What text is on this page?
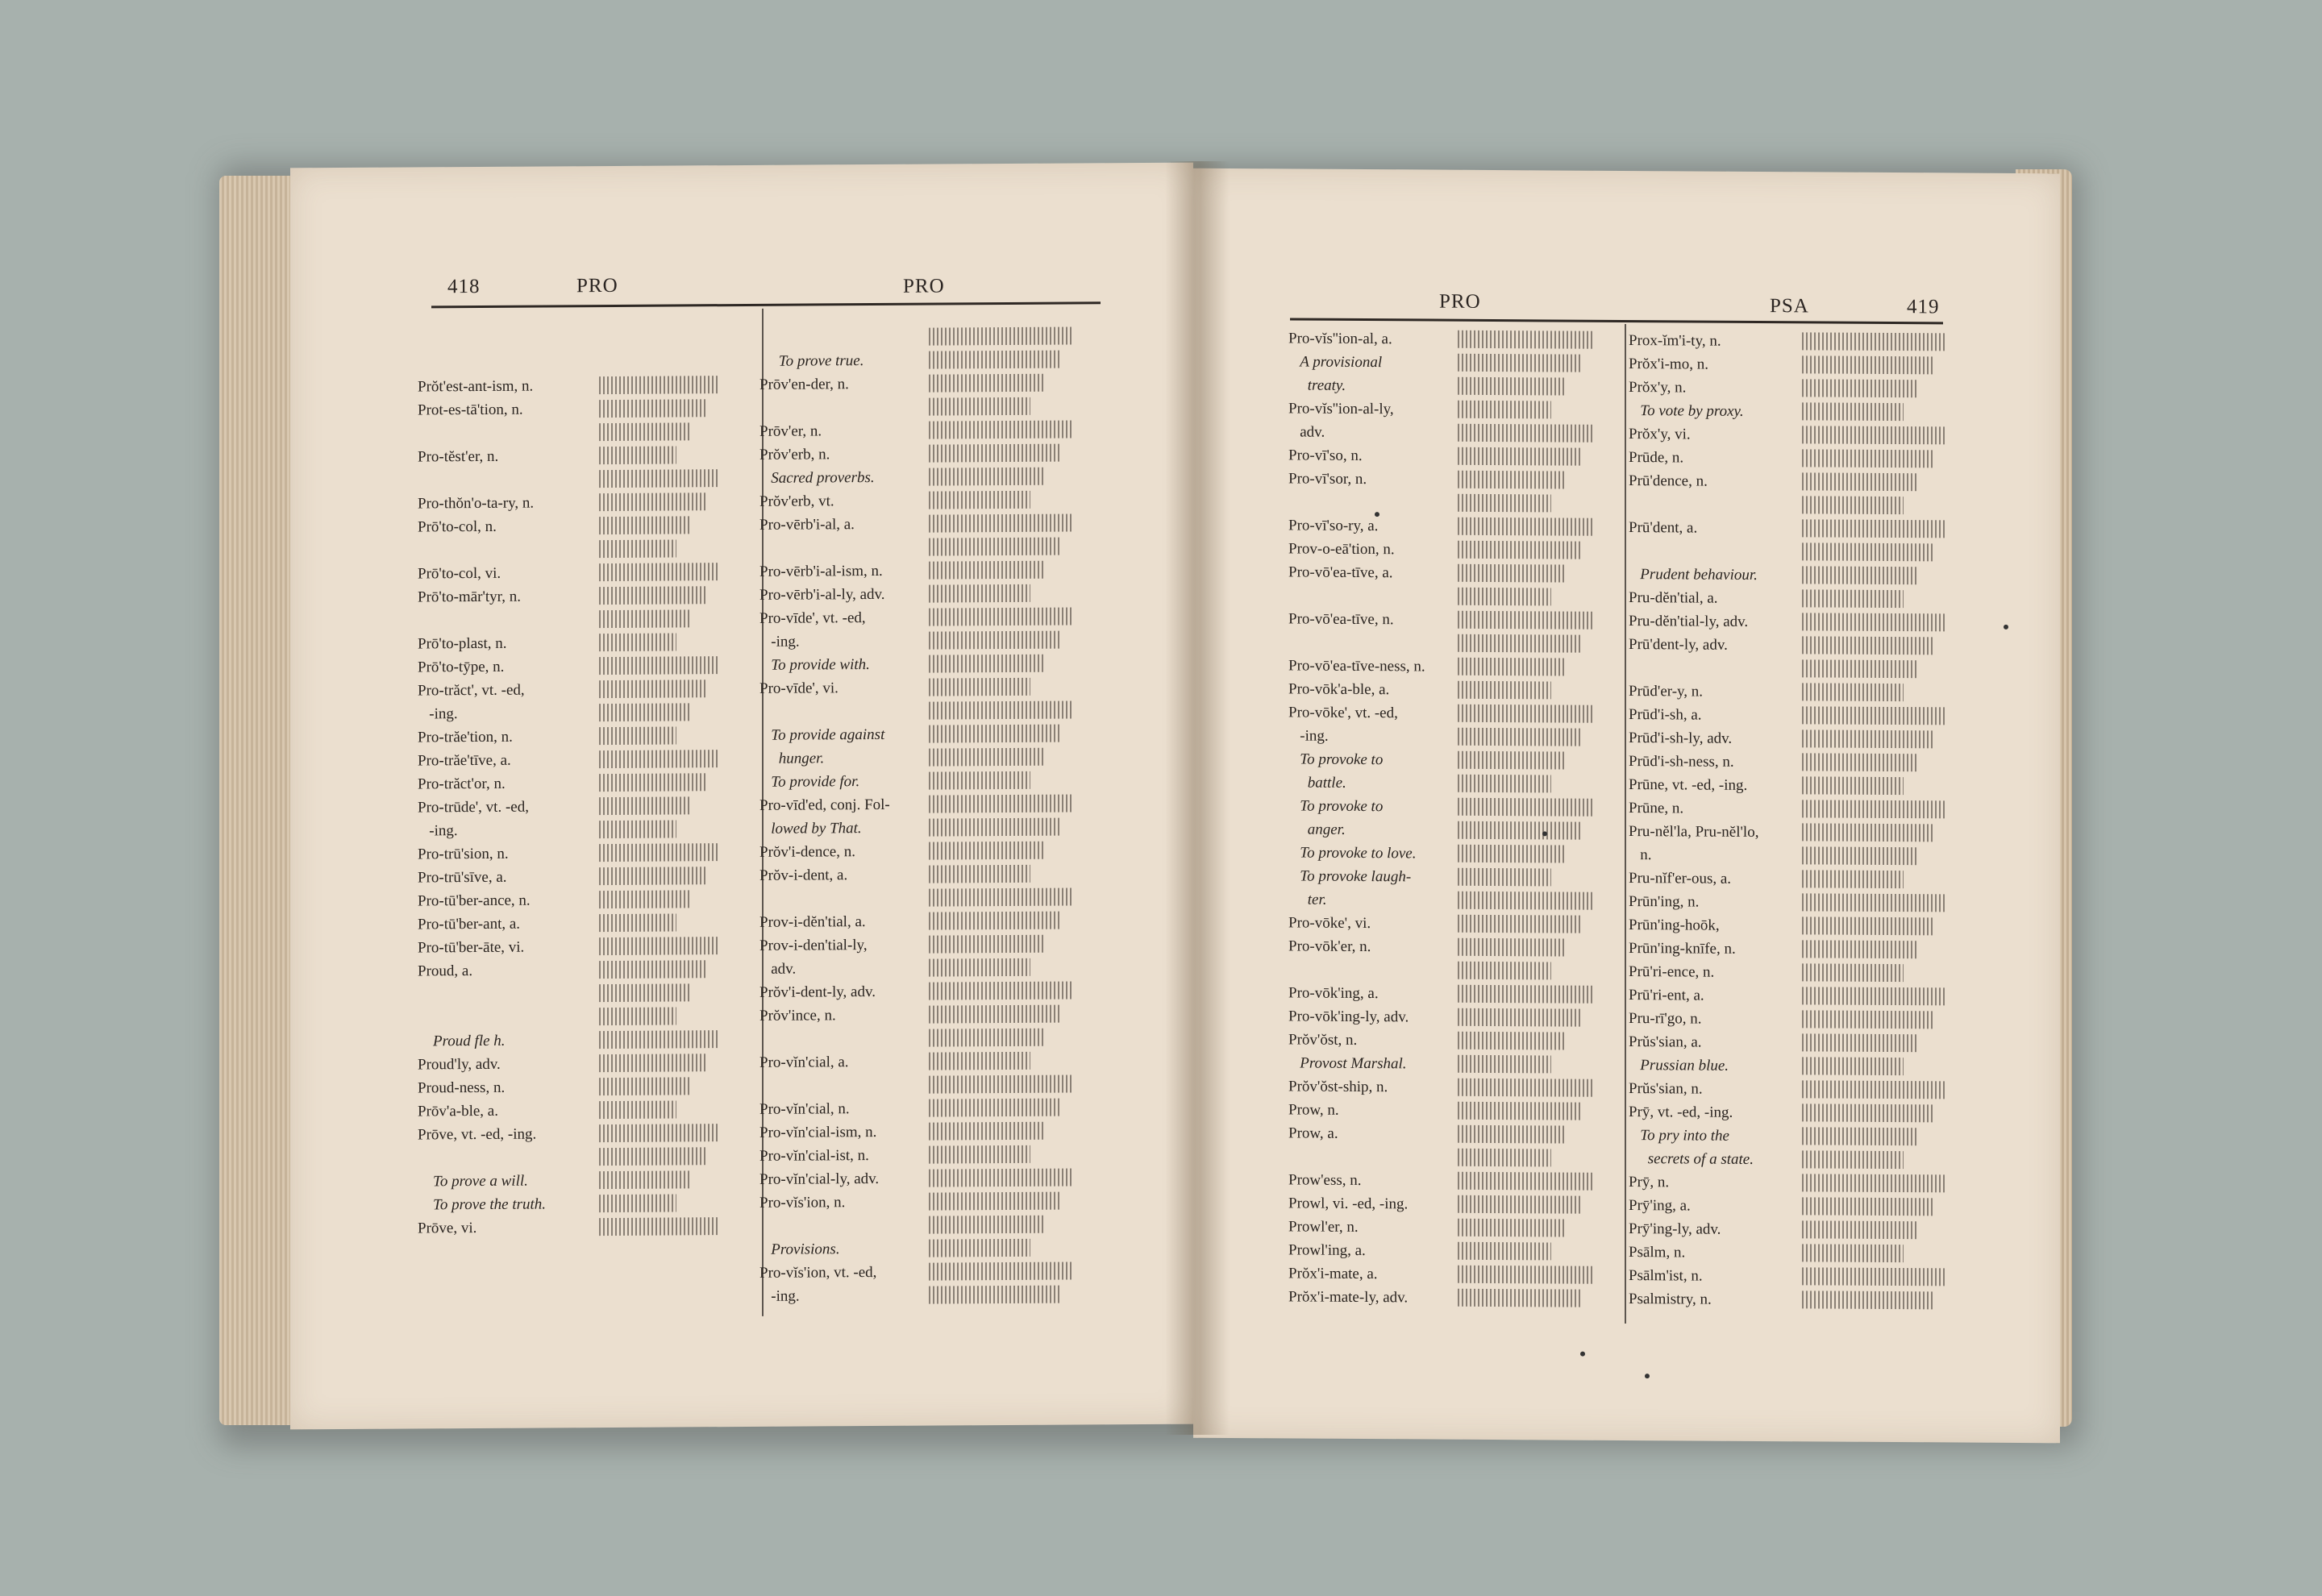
418	PRO	PRO
Prŏt'est-ant-ism, n.
Prot-es-tā'tion, n.
Pro-tĕst'er, n.
Pro-thŏn'o-ta-ry, n.
Prō'to-col, n.
Prō'to-col, vi.
Prō'to-mār'tyr, n.
Prō'to-plast, n.
Prō'to-tȳpe, n.
Pro-trăct', vt. -ed,
-ing.
Pro-trăe'tion, n.
Pro-trăe'tīve, a.
Pro-trăct'or, n.
Pro-trūde', vt. -ed,
-ing.
Pro-trū'sion, n.
Pro-trū'sīve, a.
Pro-tū'ber-ance, n.
Pro-tū'ber-ant, a.
Pro-tū'ber-āte, vi.
Proud, a.
Proud fle h.
Proud'ly, adv.
Proud-ness, n.
Prōv'a-ble, a.
Prōve, vt. -ed, -ing.
To prove a will.
To prove the truth.
Prōve, vi.
To prove true.
Prōv'en-der, n.
Prōv'er, n.
Prŏv'erb, n.
Sacred proverbs.
Prŏv'erb, vt.
Pro-vērb'i-al, a.
Pro-vērb'i-al-ism, n.
Pro-vērb'i-al-ly, adv.
Pro-vīde', vt. -ed,
-ing.
To provide with.
Pro-vīde', vi.
To provide against
hunger.
To provide for.
Pro-vīd'ed, conj. Fol-
lowed by That.
Prŏv'i-dence, n.
Prŏv-i-dent, a.
Prov-i-dĕn'tial, a.
Prov-i-den'tial-ly,
adv.
Prŏv'i-dent-ly, adv.
Prŏv'ince, n.
Pro-vĭn'cial, a.
Pro-vĭn'cial, n.
Pro-vĭn'cial-ism, n.
Pro-vĭn'cial-ist, n.
Pro-vĭn'cial-ly, adv.
Pro-vĭs'ion, n.
Provisions.
Pro-vĭs'ion, vt. -ed,
-ing.
PRO	PSA	419
Pro-vĭs''ion-al, a.
A provisional
treaty.
Pro-vĭs''ion-al-ly,
adv.
Pro-vī'so, n.
Pro-vī'sor, n.
Pro-vī'so-ry, a.
Prov-o-eā'tion, n.
Pro-vō'ea-tīve, a.
Pro-vō'ea-tīve, n.
Pro-vō'ea-tīve-ness, n.
Pro-vōk'a-ble, a.
Pro-vōke', vt. -ed,
-ing.
To provoke to
battle.
To provoke to
anger.
To provoke to love.
To provoke laugh-
ter.
Pro-vōke', vi.
Pro-vōk'er, n.
Pro-vōk'ing, a.
Pro-vōk'ing-ly, adv.
Prŏv'ŏst, n.
Provost Marshal.
Prŏv'ŏst-ship, n.
Prow, n.
Prow, a.
Prow'ess, n.
Prowl, vi. -ed, -ing.
Prowl'er, n.
Prowl'ing, a.
Prŏx'i-mate, a.
Prŏx'i-mate-ly, adv.
Prox-ĭm'i-ty, n.
Prŏx'i-mo, n.
Prŏx'y, n.
To vote by proxy.
Prŏx'y, vi.
Prūde, n.
Prū'dence, n.
Prū'dent, a.
Prudent behaviour.
Pru-dĕn'tial, a.
Pru-dĕn'tial-ly, adv.
Prū'dent-ly, adv.
Prūd'er-y, n.
Prūd'i-sh, a.
Prūd'i-sh-ly, adv.
Prūd'i-sh-ness, n.
Prūne, vt. -ed, -ing.
Prūne, n.
Pru-nĕl'la, Pru-nĕl'lo,
n.
Pru-nĭf'er-ous, a.
Prūn'ing, n.
Prūn'ing-hoōk,
Prūn'ing-knīfe, n.
Prū'ri-ence, n.
Prū'ri-ent, a.
Pru-rī'go, n.
Prŭs'sian, a.
Prussian blue.
Prŭs'sian, n.
Prȳ, vt. -ed, -ing.
To pry into the
secrets of a state.
Prȳ, n.
Prȳ'ing, a.
Prȳ'ing-ly, adv.
Psālm, n.
Psālm'ist, n.
Psalmistry, n.
